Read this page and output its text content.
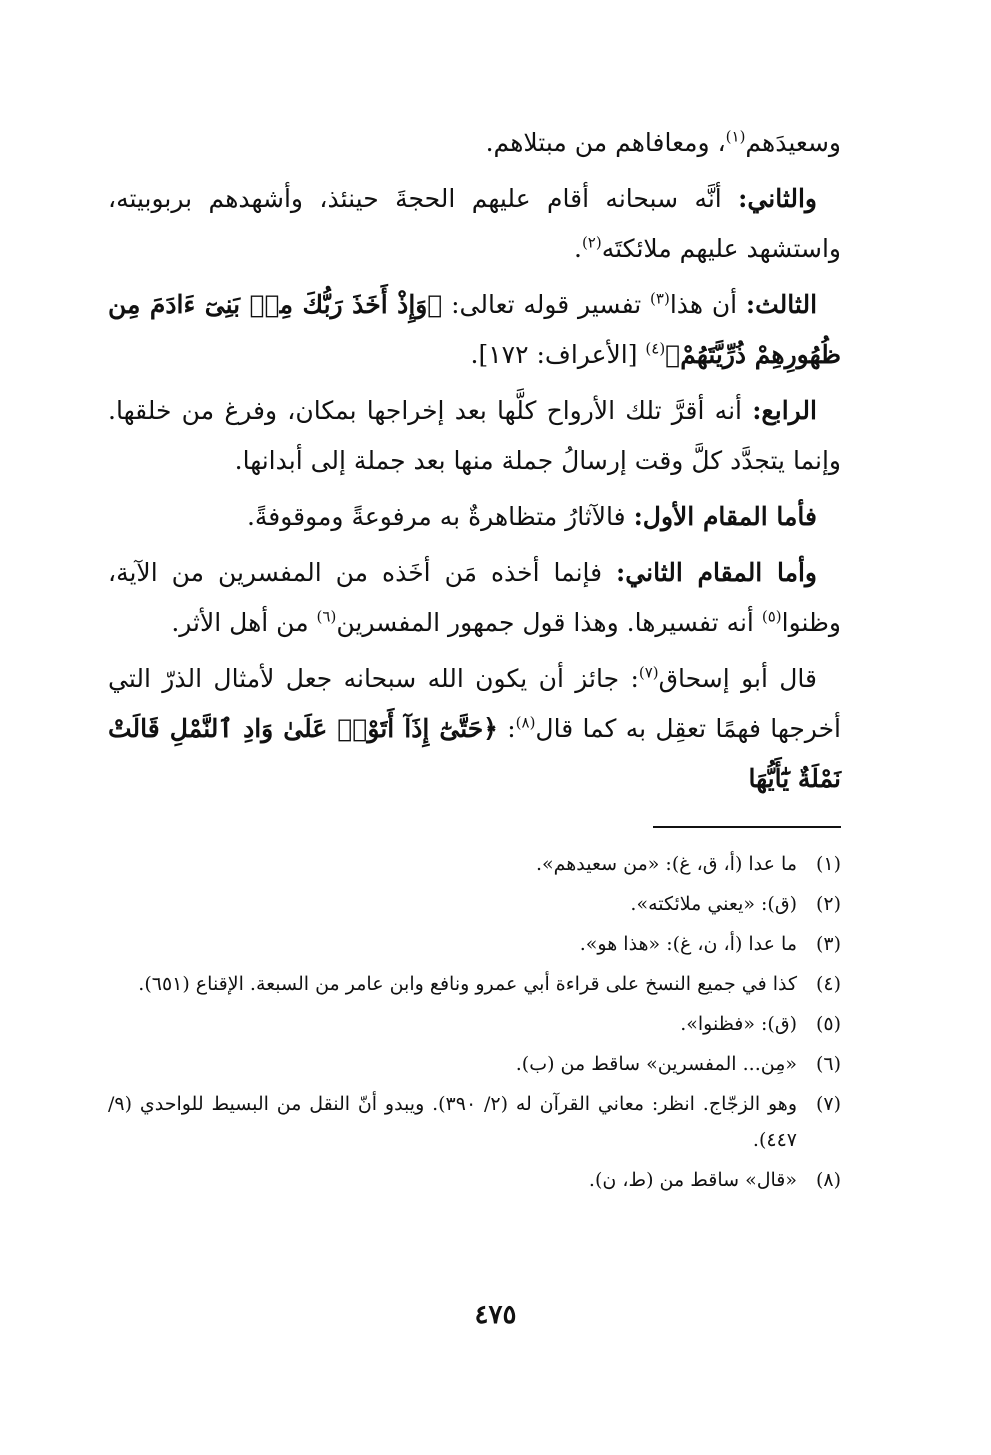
وسعيدَهم$^{(١)}$، ومعافاهم من مبتلاهم.

والثاني: أنَّه سبحانه أقام عليهم الحجةَ حينئذ، وأشهدهم بربوبيته، واستشهد عليهم ملائكتَه$^{(٢)}$.

الثالث: أن هذا$^{(٣)}$ تفسير قوله تعالى: ﴿وَإِذْ أَخَذَ رَبُّكَ مِنۢ بَنِىٓ ءَادَمَ مِن ظُهُورِهِمْ ذُرِّيَّتَهُمْ﴾$^{(٤)}$ [الأعراف: ١٧٢].

الرابع: أنه أقرَّ تلك الأرواح كلَّها بعد إخراجها بمكان، وفرغ من خلقها. وإنما يتجدَّد كلَّ وقت إرسالُ جملة منها بعد جملة إلى أبدانها.

فأما المقام الأول: فالآثارُ متظاهرةٌ به مرفوعةً وموقوفةً.

وأما المقام الثاني: فإنما أخذه مَن أخَذه من المفسرين من الآية، وظنوا$^{(٥)}$ أنه تفسيرها. وهذا قول جمهور المفسرين$^{(٦)}$ من أهل الأثر.

قال أبو إسحاق$^{(٧)}$: جائز أن يكون الله سبحانه جعل لأمثال الذرّ التي أخرجها فهمًا تعقِل به كما قال$^{(٨)}$: ﴿حَتَّىٰٓ إِذَآ أَتَوْا۟ عَلَىٰ وَادِ ٱلنَّمْلِ قَالَتْ نَمْلَةٌ يَٰٓأَيُّهَا

(١)
ما عدا (أ، ق، غ): «من سعيدهم».
(٢)
(ق): «يعني ملائكته».
(٣)
ما عدا (أ، ن، غ): «هذا هو».
(٤)
كذا في جميع النسخ على قراءة أبي عمرو ونافع وابن عامر من السبعة. الإقناع (٦٥١).
(٥)
(ق): «فظنوا».
(٦)
«مِن... المفسرين» ساقط من (ب).
(٧)
وهو الزجّاج. انظر: معاني القرآن له (٢/ ٣٩٠). ويبدو أنّ النقل من البسيط للواحدي (٩/ ٤٤٧).
(٨)
«قال» ساقط من (ط، ن).
٤٧٥
